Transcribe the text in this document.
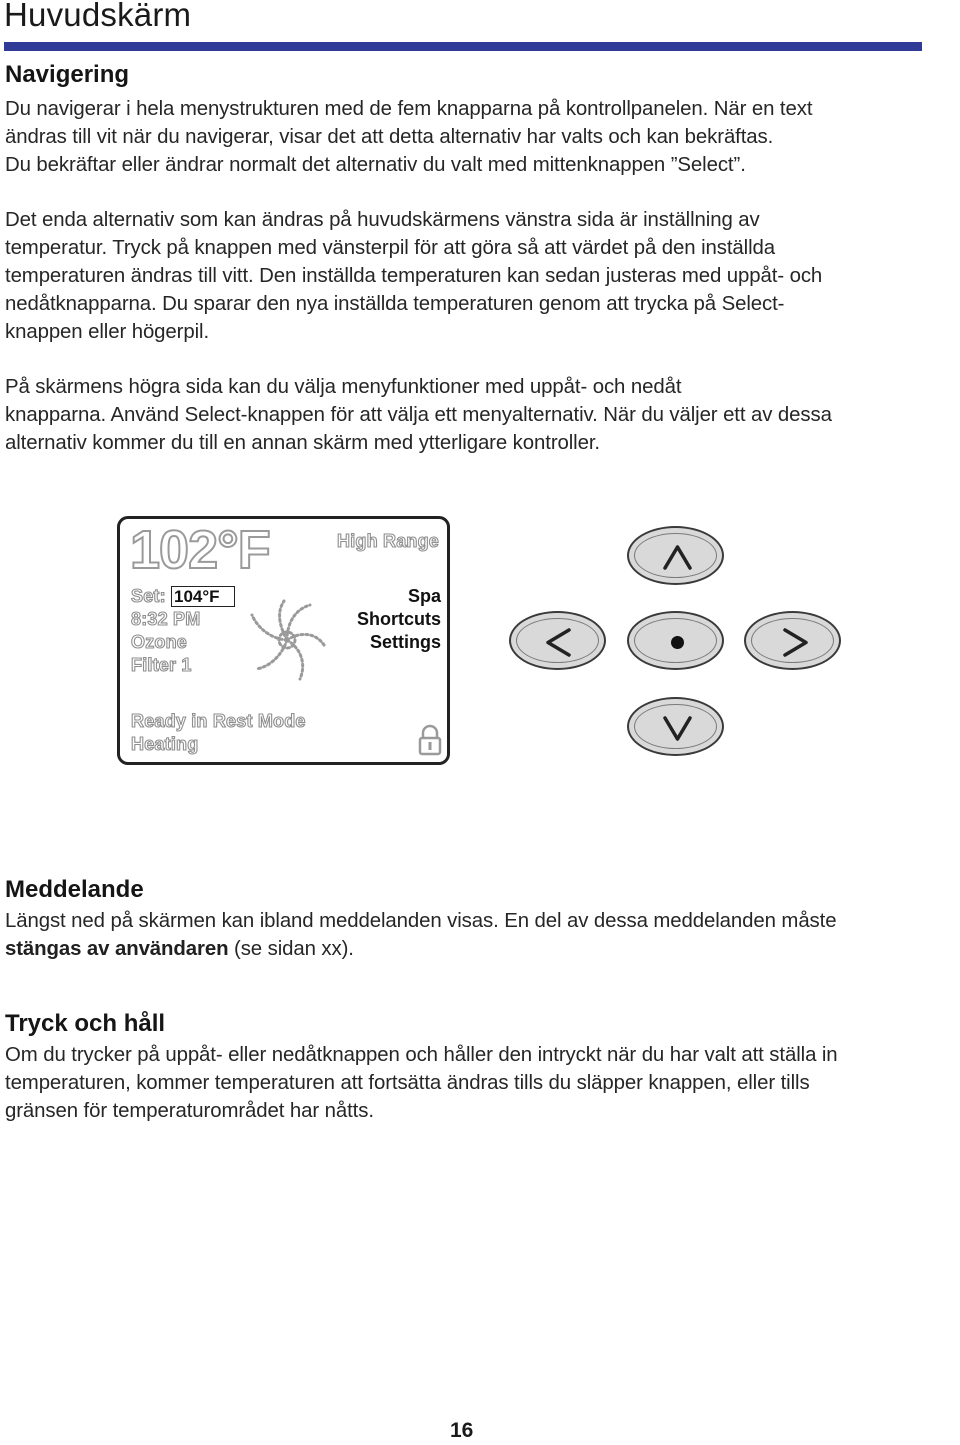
Huvudskärm
Navigering

Du navigerar i hela menystrukturen med de fem knapparna på kontrollpanelen. När en text
ändras till vit när du navigerar, visar det att detta alternativ har valts och kan bekräftas.
Du bekräftar eller ändrar normalt det alternativ du valt med mittenknappen ”Select”.

Det enda alternativ som kan ändras på huvudskärmens vänstra sida är inställning av
temperatur. Tryck på knappen med vänsterpil för att göra så att värdet på den inställda
temperaturen ändras till vitt. Den inställda temperaturen kan sedan justeras med uppåt- och
nedåtknapparna. Du sparar den nya inställda temperaturen genom att trycka på Select-
knappen eller högerpil.

På skärmens högra sida kan du välja menyfunktioner med uppåt- och nedåt
knapparna. Använd Select-knappen för att välja ett menyalternativ. När du väljer ett av dessa
alternativ kommer du till en annan skärm med ytterligare kontroller.

102°F	High Range
Set: 104°F
8:32 PM
Ozone
Filter 1
Spa
Shortcuts
Settings
Ready in Rest Mode
Heating
Meddelande

Längst ned på skärmen kan ibland meddelanden visas. En del av dessa meddelanden måste
stängas av användaren (se sidan xx).

Tryck och håll

Om du trycker på uppåt- eller nedåtknappen och håller den intryckt när du har valt att ställa in
temperaturen, kommer temperaturen att fortsätta ändras tills du släpper knappen, eller tills
gränsen för temperaturområdet har nåtts.

16
